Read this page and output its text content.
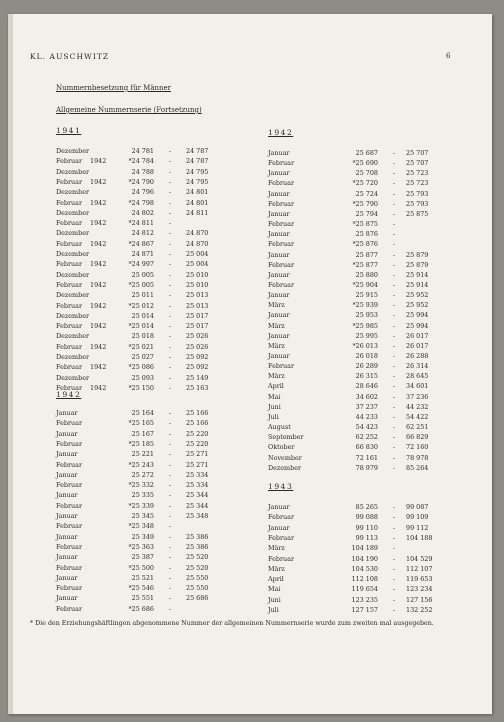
KL. AUSCHWITZ	6
Nummernbesetzung für Männer
Allgemeine Nummernserie (Fortsetzung)
1941
Dezember	24 781	-	24 787
Februar 1942	*24 784	-	24 787
Dezember	24 788	-	24 795
Februar 1942	*24 790	-	24 795
Dezember	24 796	-	24 801
Februar 1942	*24 798	-	24 801
Dezember	24 802	-	24 811
Februar 1942	*24 811	-
Dezember	24 812	-	24 870
Februar 1942	*24 867	-	24 870
Dezember	24 871	-	25 004
Februar 1942	*24 997	-	25 004
Dezember	25 005	-	25 010
Februar 1942	*25 005	-	25 010
Dezember	25 011	-	25 013
Februar 1942	*25 012	-	25 013
Dezember	25 014	-	25 017
Februar 1942	*25 014	-	25 017
Dezember	25 018	-	25 026
Februar 1942	*25 021	-	25 026
Dezember	25 027	-	25 092
Februar 1942	*25 086	-	25 092
Dezember	25 093	-	25 149
Februar 1942	*25 150	-	25 163
1942
Januar	25 164	-	25 166
Februar	*25 165	-	25 166
Januar	25 167	-	25 220
Februar	*25 185	-	25 220
Januar	25 221	-	25 271
Februar	*25 243	-	25 271
Januar	25 272	-	25 334
Februar	*25 332	-	25 334
Januar	25 335	-	25 344
Februar	*25 339	-	25 344
Januar	25 345	-	25 348
Februar	*25 348	-
Januar	25 349	-	25 386
Februar	*25 363	-	25 386
Januar	25 387	-	25 520
Februar	*25 500	-	25 520
Januar	25 521	-	25 550
Februar	*25 546	-	25 550
Januar	25 551	-	25 686
Februar	*25 686	-
1942
Januar	25 687	-	25 707
Februar	*25 690	-	25 707
Januar	25 708	-	25 723
Februar	*25 720	-	25 723
Januar	25 724	-	25 793
Februar	*25 790	-	25 793
Januar	25 794	-	25 875
Februar	*25 875	-
Januar	25 876	-
Februar	*25 876	-
Januar	25 877	-	25 879
Februar	*25 877	-	25 879
Januar	25 880	-	25 914
Februar	*25 904	-	25 914
Januar	25 915	-	25 952
März	*25 939	-	25 952
Januar	25 953	-	25 994
März	*25 985	-	25 994
Januar	25 995	-	26 017
März	*26 013	-	26 017
Januar	26 018	-	26 288
Februar	26 289	-	26 314
März	26 315	-	28 645
April	28 646	-	34 601
Mai	34 602	-	37 236
Juni	37 237	-	44 232
Juli	44 233	-	54 422
August	54 423	-	62 251
September	62 252	-	66 829
Oktober	66 830	-	72 160
November	72 161	-	78 978
Dezember	78 979	-	85 264
1943
Januar	85 265	-	99 087
Februar	99 088	-	99 109
Januar	99 110	-	99 112
Februar	99 113	-	104 188
März	104 189	-
Februar	104 190	-	104 529
März	104 530	-	112 107
April	112 108	-	119 653
Mai	119 654	-	123 234
Juni	123 235	-	127 156
Juli	127 157	-	132 252
* Die den Erziehungshäftlingen abgenommene Nummer der allgemeinen Nummernserie wurde zum zweiten mal ausgegeben.
